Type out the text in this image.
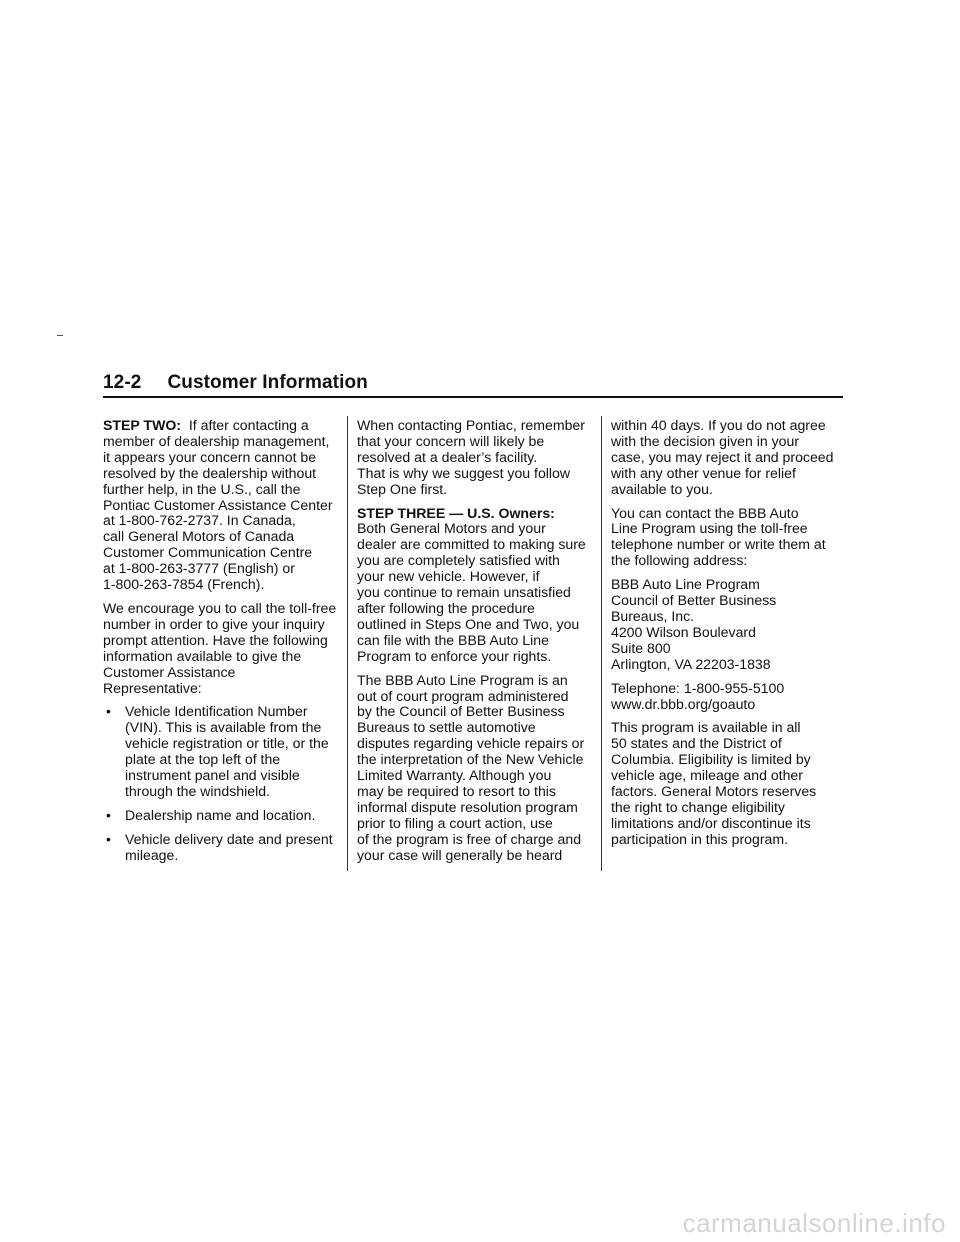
12-2 Customer Information

STEP TWO:  If after contacting a
member of dealership management,
it appears your concern cannot be
resolved by the dealership without
further help, in the U.S., call the
Pontiac Customer Assistance Center
at 1-800-762-2737. In Canada,
call General Motors of Canada
Customer Communication Centre
at 1-800-263-3777 (English) or
1-800-263-7854 (French).

We encourage you to call the toll-free
number in order to give your inquiry
prompt attention. Have the following
information available to give the
Customer Assistance
Representative:

• Vehicle Identification Number
(VIN). This is available from the
vehicle registration or title, or the
plate at the top left of the
instrument panel and visible
through the windshield.
• Dealership name and location.
• Vehicle delivery date and present
mileage.

When contacting Pontiac, remember
that your concern will likely be
resolved at a dealer’s facility.
That is why we suggest you follow
Step One first.

STEP THREE — U.S. Owners:
Both General Motors and your
dealer are committed to making sure
you are completely satisfied with
your new vehicle. However, if
you continue to remain unsatisfied
after following the procedure
outlined in Steps One and Two, you
can file with the BBB Auto Line
Program to enforce your rights.

The BBB Auto Line Program is an
out of court program administered
by the Council of Better Business
Bureaus to settle automotive
disputes regarding vehicle repairs or
the interpretation of the New Vehicle
Limited Warranty. Although you
may be required to resort to this
informal dispute resolution program
prior to filing a court action, use
of the program is free of charge and
your case will generally be heard

within 40 days. If you do not agree
with the decision given in your
case, you may reject it and proceed
with any other venue for relief
available to you.

You can contact the BBB Auto
Line Program using the toll-free
telephone number or write them at
the following address:

BBB Auto Line Program
Council of Better Business
Bureaus, Inc.
4200 Wilson Boulevard
Suite 800
Arlington, VA 22203-1838

Telephone: 1-800-955-5100
www.dr.bbb.org/goauto

This program is available in all
50 states and the District of
Columbia. Eligibility is limited by
vehicle age, mileage and other
factors. General Motors reserves
the right to change eligibility
limitations and/or discontinue its
participation in this program.

carmanualsonline.info
